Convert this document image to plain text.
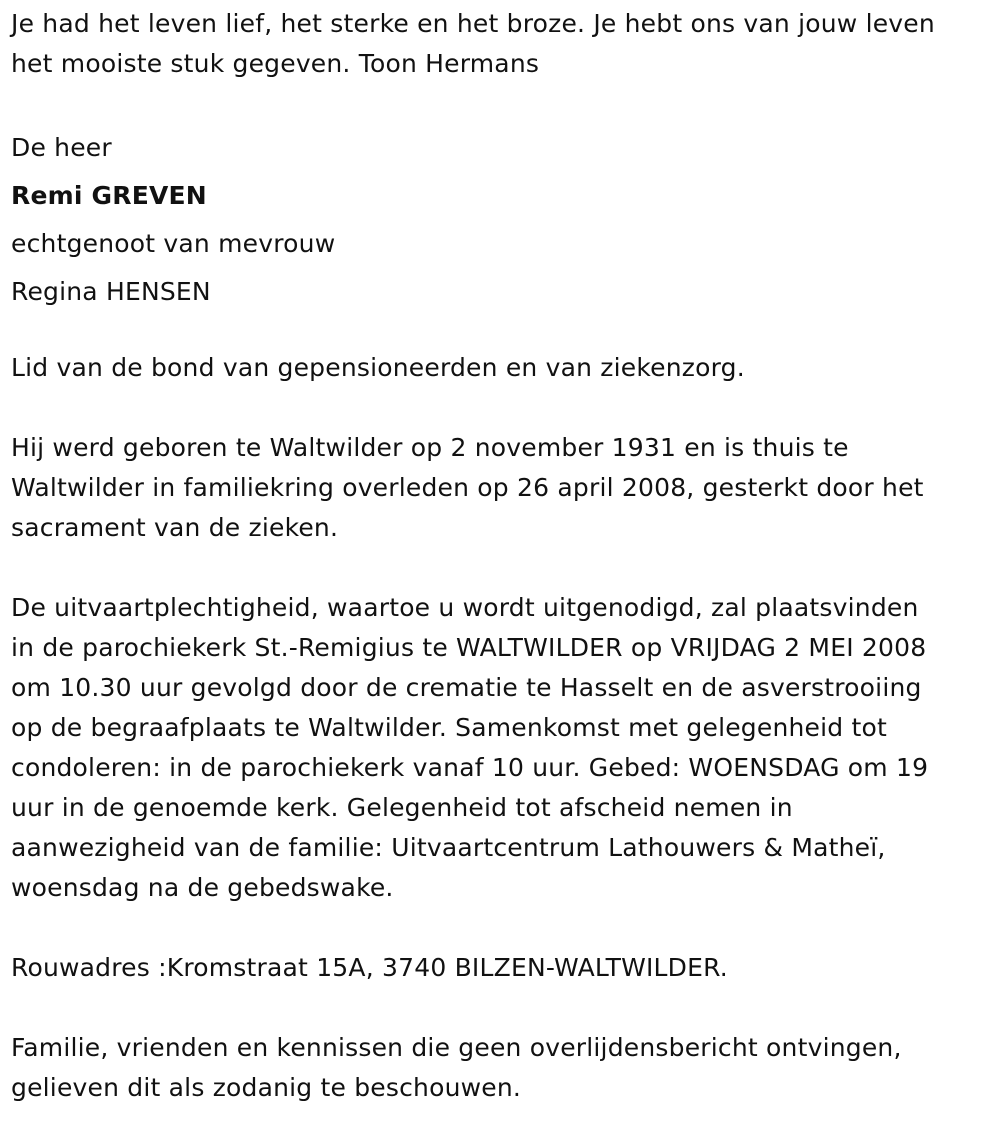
Je had het leven lief, het sterke en het broze. Je hebt ons van jouw leven
het mooiste stuk gegeven. Toon Hermans
De heer
Remi GREVEN
echtgenoot van mevrouw
Regina HENSEN
Lid van de bond van gepensioneerden en van ziekenzorg.
Hij werd geboren te Waltwilder op 2 november 1931 en is thuis te
Waltwilder in familiekring overleden op 26 april 2008, gesterkt door het
sacrament van de zieken.
De uitvaartplechtigheid, waartoe u wordt uitgenodigd, zal plaatsvinden
in de parochiekerk St.-Remigius te WALTWILDER op VRIJDAG 2 MEI 2008
om 10.30 uur gevolgd door de crematie te Hasselt en de asverstrooiing
op de begraafplaats te Waltwilder. Samenkomst met gelegenheid tot
condoleren: in de parochiekerk vanaf 10 uur. Gebed: WOENSDAG om 19
uur in de genoemde kerk. Gelegenheid tot afscheid nemen in
aanwezigheid van de familie: Uitvaartcentrum Lathouwers & Matheï,
woensdag na de gebedswake.
Rouwadres :Kromstraat 15A, 3740 BILZEN-WALTWILDER.
Familie, vrienden en kennissen die geen overlijdensbericht ontvingen,
gelieven dit als zodanig te beschouwen.
